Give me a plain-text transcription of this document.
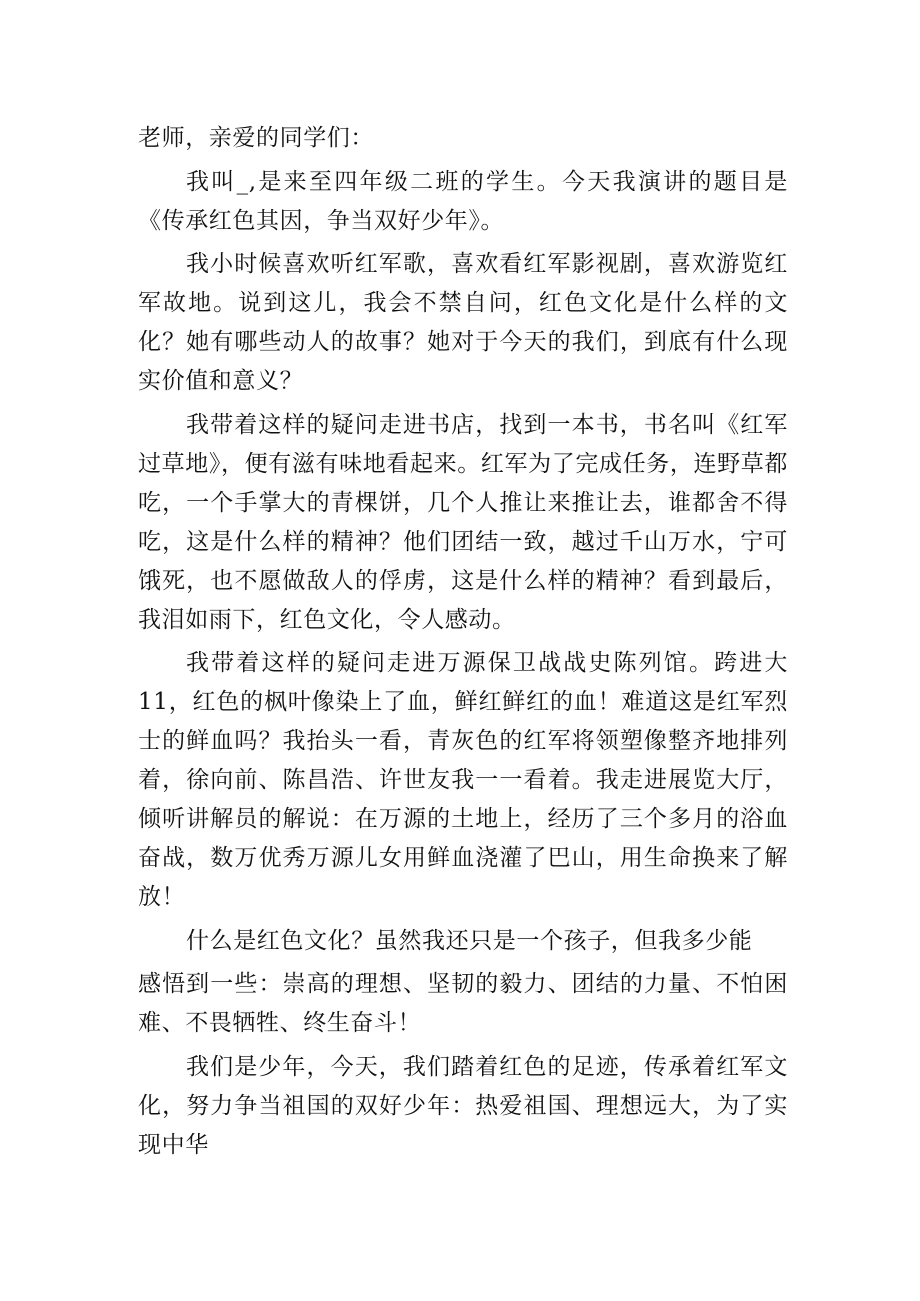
老师，亲爱的同学们：

我叫_,是来至四年级二班的学生。今天我演讲的题目是《传承红色其因，争当双好少年》。

我小时候喜欢听红军歌，喜欢看红军影视剧，喜欢游览红军故地。说到这儿，我会不禁自问，红色文化是什么样的文化？她有哪些动人的故事？她对于今天的我们，到底有什么现实价值和意义？

我带着这样的疑问走进书店，找到一本书，书名叫《红军过草地》，便有滋有味地看起来。红军为了完成任务，连野草都吃，一个手掌大的青棵饼，几个人推让来推让去，谁都舍不得吃，这是什么样的精神？他们团结一致，越过千山万水，宁可饿死，也不愿做敌人的俘虏，这是什么样的精神？看到最后，我泪如雨下，红色文化，令人感动。

我带着这样的疑问走进万源保卫战战史陈列馆。跨进大11，红色的枫叶像染上了血，鲜红鲜红的血！难道这是红军烈士的鲜血吗？我抬头一看，青灰色的红军将领塑像整齐地排列着，徐向前、陈昌浩、许世友我一一看着。我走进展览大厅，倾听讲解员的解说：在万源的土地上，经历了三个多月的浴血奋战，数万优秀万源儿女用鲜血浇灌了巴山，用生命换来了解放！

什么是红色文化？虽然我还只是一个孩子，但我多少能

感悟到一些：崇高的理想、坚韧的毅力、团结的力量、不怕困难、不畏牺牲、终生奋斗！

我们是少年，今天，我们踏着红色的足迹，传承着红军文化，努力争当祖国的双好少年：热爱祖国、理想远大，为了实现中华
